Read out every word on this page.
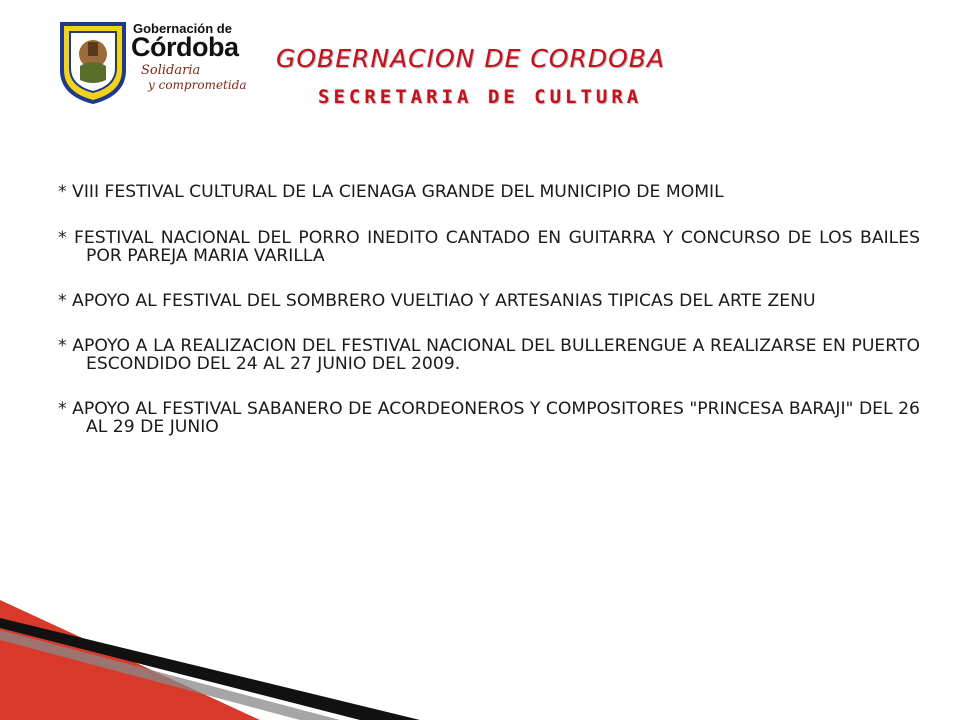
Gobernación de
Córdoba
Solidaria
y comprometida
GOBERNACION DE CORDOBA
SECRETARIA DE CULTURA
* VIII FESTIVAL CULTURAL DE LA CIENAGA GRANDE DEL MUNICIPIO DE MOMIL
* FESTIVAL NACIONAL DEL PORRO INEDITO CANTADO EN GUITARRA Y CONCURSO DE LOS BAILES POR PAREJA MARIA VARILLA
* APOYO AL FESTIVAL DEL SOMBRERO VUELTIAO Y ARTESANIAS TIPICAS DEL ARTE ZENU
* APOYO A LA REALIZACION DEL FESTIVAL NACIONAL DEL BULLERENGUE A REALIZARSE EN PUERTO ESCONDIDO DEL 24 AL 27 JUNIO DEL 2009.
* APOYO AL FESTIVAL SABANERO DE ACORDEONEROS Y COMPOSITORES "PRINCESA BARAJI" DEL 26 AL 29 DE JUNIO
